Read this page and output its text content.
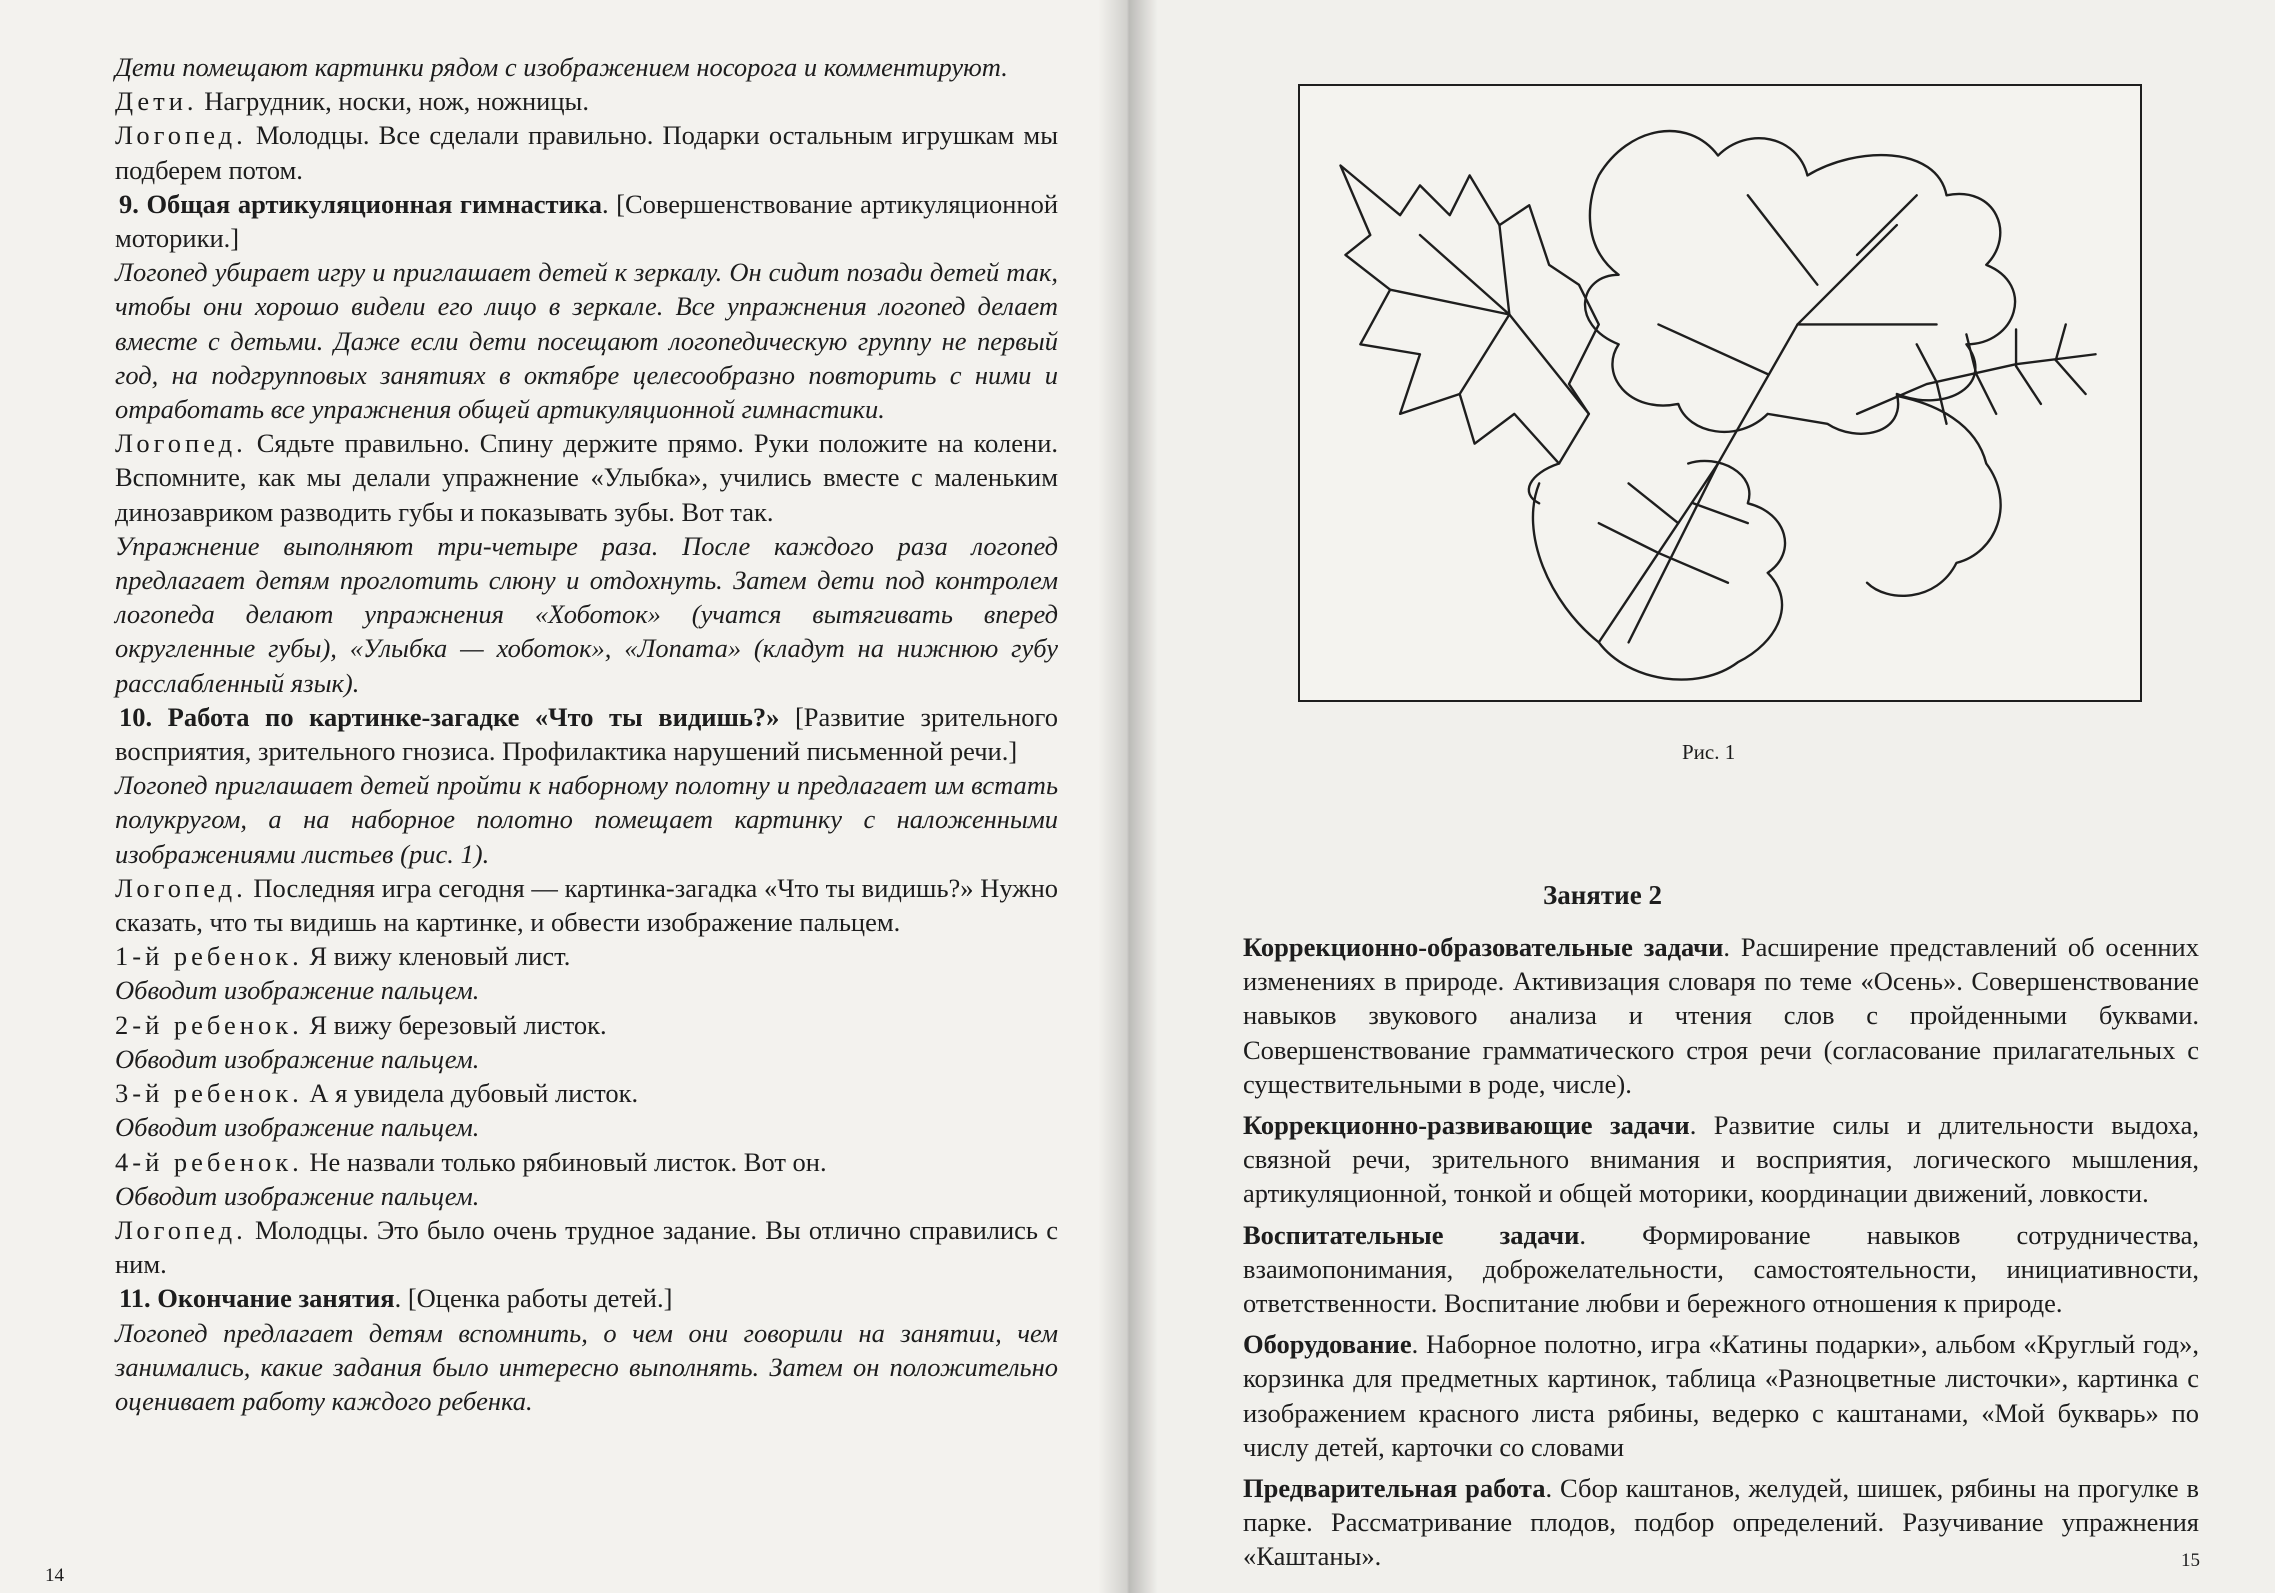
Дети помещают картинки рядом с изображением носорога и комментируют.

Дети. Нагрудник, носки, нож, ножницы.

Логопед. Молодцы. Все сделали правильно. Подарки остальным игрушкам мы подберем потом.

9. Общая артикуляционная гимнастика. [Совершенствование артикуляционной моторики.]

Логопед убирает игру и приглашает детей к зеркалу. Он сидит позади детей так, чтобы они хорошо видели его лицо в зеркале. Все упражнения логопед делает вместе с детьми. Даже если дети посещают логопедическую группу не первый год, на подгрупповых занятиях в октябре целесообразно повторить с ними и отработать все упражнения общей артикуляционной гимнастики.

Логопед. Сядьте правильно. Спину держите прямо. Руки положите на колени. Вспомните, как мы делали упражнение «Улыбка», учились вместе с маленьким динозавриком разводить губы и показывать зубы. Вот так.

Упражнение выполняют три-четыре раза. После каждого раза логопед предлагает детям проглотить слюну и отдохнуть. Затем дети под контролем логопеда делают упражнения «Хоботок» (учатся вытягивать вперед округленные губы), «Улыбка — хоботок», «Лопата» (кладут на нижнюю губу расслабленный язык).

10. Работа по картинке-загадке «Что ты видишь?» [Развитие зрительного восприятия, зрительного гнозиса. Профилактика нарушений письменной речи.]

Логопед приглашает детей пройти к наборному полотну и предлагает им встать полукругом, а на наборное полотно помещает картинку с наложенными изображениями листьев (рис. 1).

Логопед. Последняя игра сегодня — картинка-загадка «Что ты видишь?» Нужно сказать, что ты видишь на картинке, и обвести изображение пальцем.

1-й ребенок. Я вижу кленовый лист.

Обводит изображение пальцем.

2-й ребенок. Я вижу березовый листок.

Обводит изображение пальцем.

3-й ребенок. А я увидела дубовый листок.

Обводит изображение пальцем.

4-й ребенок. Не назвали только рябиновый листок. Вот он.

Обводит изображение пальцем.

Логопед. Молодцы. Это было очень трудное задание. Вы отлично справились с ним.

11. Окончание занятия. [Оценка работы детей.]

Логопед предлагает детям вспомнить, о чем они говорили на занятии, чем занимались, какие задания было интересно выполнять. Затем он положительно оценивает работу каждого ребенка.

14
15
Рис. 1
Занятие 2

Коррекционно-образовательные задачи. Расширение представлений об осенних изменениях в природе. Активизация словаря по теме «Осень». Совершенствование навыков звукового анализа и чтения слов с пройденными буквами. Совершенствование грамматического строя речи (согласование прилагательных с существительными в роде, числе).

Коррекционно-развивающие задачи. Развитие силы и длительности выдоха, связной речи, зрительного внимания и восприятия, логического мышления, артикуляционной, тонкой и общей моторики, координации движений, ловкости.

Воспитательные задачи. Формирование навыков сотрудничества, взаимопонимания, доброжелательности, самостоятельности, инициативности, ответственности. Воспитание любви и бережного отношения к природе.

Оборудование. Наборное полотно, игра «Катины подарки», альбом «Круглый год», корзинка для предметных картинок, таблица «Разноцветные листочки», картинка с изображением красного листа рябины, ведерко с каштанами, «Мой букварь» по числу детей, карточки со словами

Предварительная работа. Сбор каштанов, желудей, шишек, рябины на прогулке в парке. Рассматривание плодов, подбор определений. Разучивание упражнения «Каштаны».
